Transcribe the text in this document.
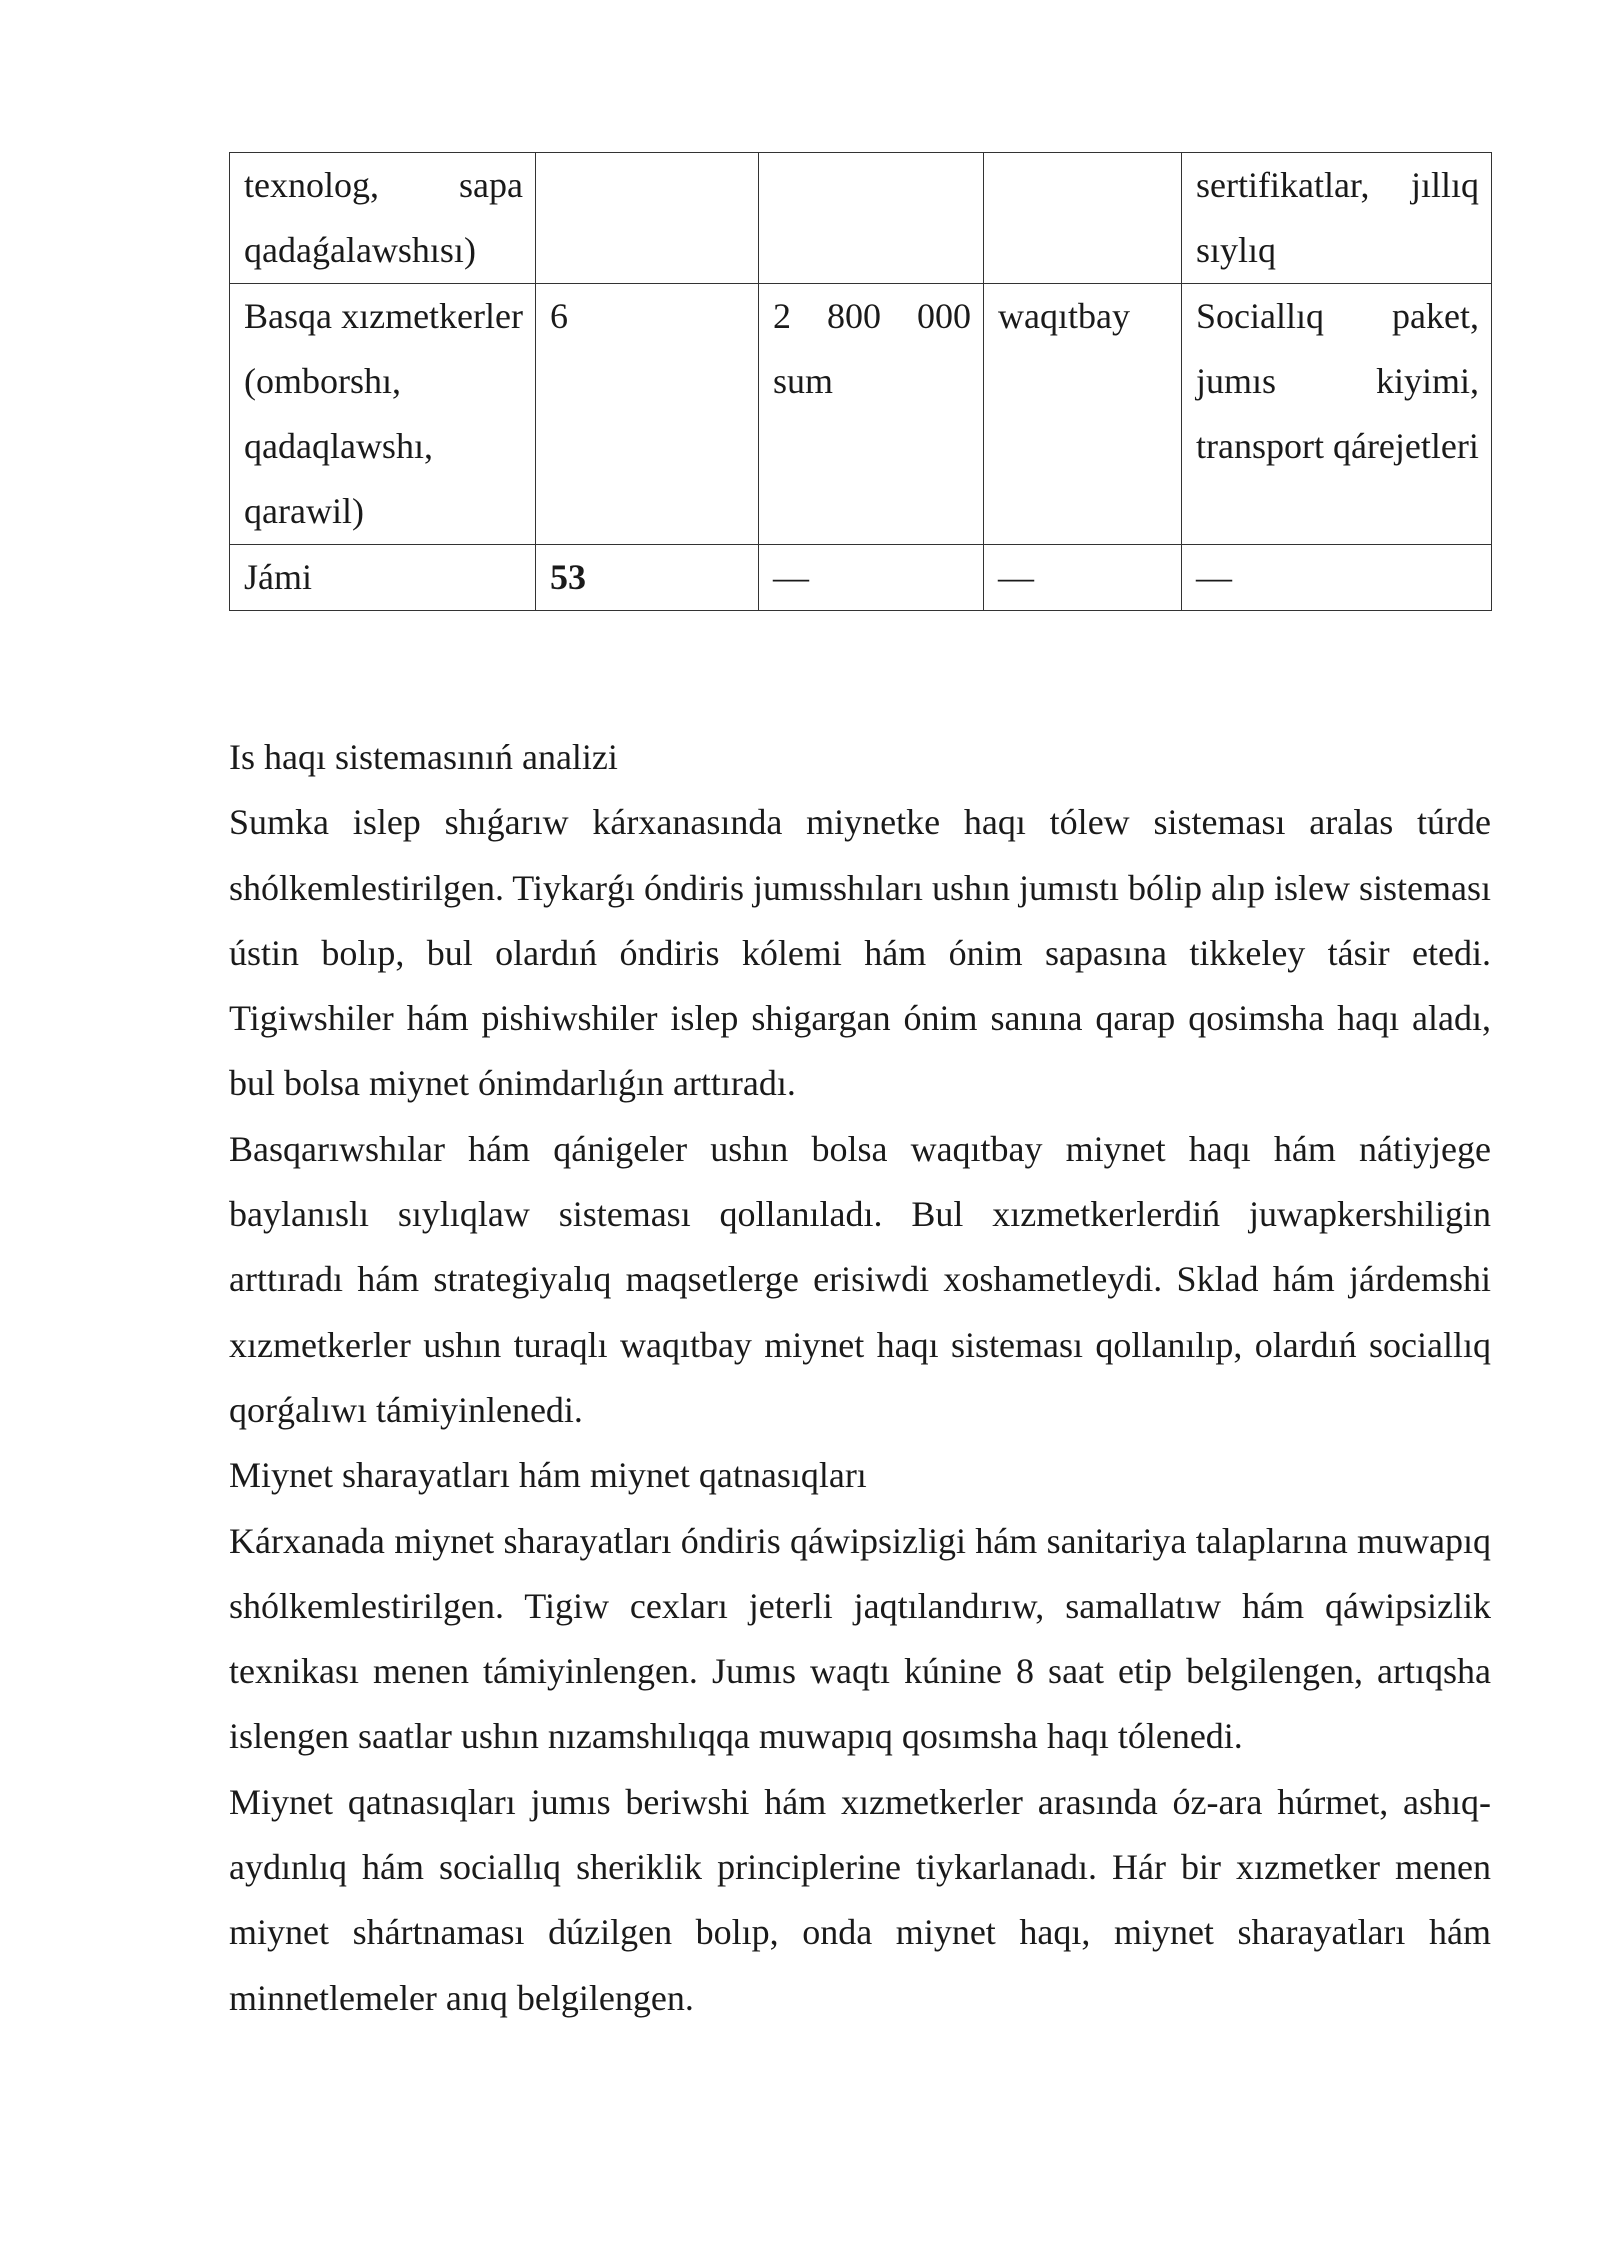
texnolog, sapa qadaǵalawshısı)				sertifikatlar, jıllıq sıylıq
Basqa xızmetkerler (omborshı, qadaqlawshı, qarawil)	6	2 800 000 sum	waqıtbay	Sociallıq paket, jumıs kiyimi, transport qárejetleri
Jámi	53	—	—	—

Is haqı sistemasınıń analizi

Sumka islep shıǵarıw kárxanasında miynetke haqı tólew sisteması aralas túrde shólkemlestirilgen. Tiykarǵı óndiris jumısshıları ushın jumıstı bólip alıp islew sisteması ústin bolıp, bul olardıń óndiris kólemi hám ónim sapasına tikkeley tásir etedi. Tigiwshiler hám pishiwshiler islep shigargan ónim sanına qarap qosimsha haqı aladı, bul bolsa miynet ónimdarlıǵın arttıradı.

Basqarıwshılar hám qánigeler ushın bolsa waqıtbay miynet haqı hám nátiyjege baylanıslı sıylıqlaw sisteması qollanıladı. Bul xızmetkerlerdiń juwapkershiligin arttıradı hám strategiyalıq maqsetlerge erisiwdi xoshametleydi. Sklad hám járdemshi xızmetkerler ushın turaqlı waqıtbay miynet haqı sisteması qollanılıp, olardıń sociallıq qorǵalıwı támiyinlenedi.

Miynet sharayatları hám miynet qatnasıqları

Kárxanada miynet sharayatları óndiris qáwipsizligi hám sanitariya talaplarına muwapıq shólkemlestirilgen. Tigiw cexları jeterli jaqtılandırıw, samallatıw hám qáwipsizlik texnikası menen támiyinlengen. Jumıs waqtı kúnine 8 saat etip belgilengen, artıqsha islengen saatlar ushın nızamshılıqqa muwapıq qosımsha haqı tólenedi.

Miynet qatnasıqları jumıs beriwshi hám xızmetkerler arasında óz-ara húrmet, ashıq-aydınlıq hám sociallıq sheriklik principlerine tiykarlanadı. Hár bir xızmetker menen miynet shártnaması dúzilgen bolıp, onda miynet haqı, miynet sharayatları hám minnetlemeler anıq belgilengen.
